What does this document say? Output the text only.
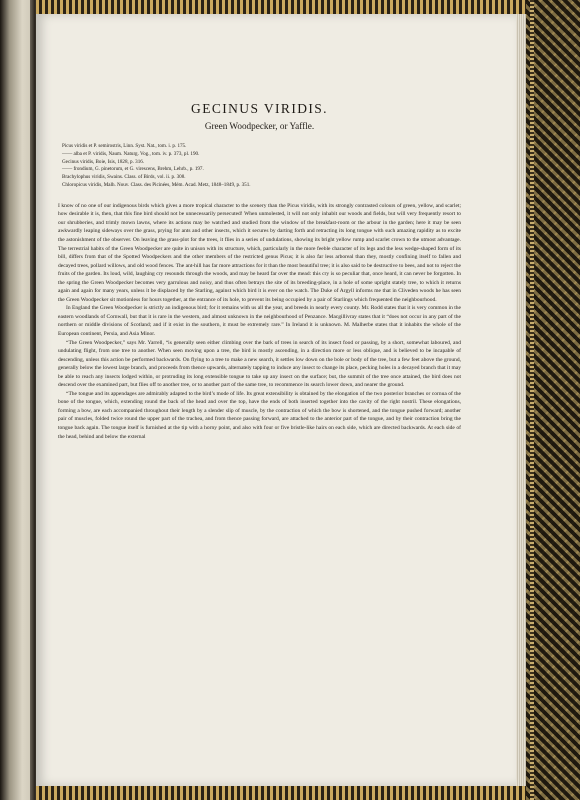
GECINUS VIRIDIS.
Green Woodpecker, or Yaffle.
Picus viridis et P. semirostris, Linn. Syst. Nat., tom. i. p. 175.
—— alba et P. viridis, Naum. Naturg. Vog., tom. iv. p. 373, pl. 190.
Gecinus viridis, Boie, Isis, 1828, p. 316.
—— frondium, G. pinetorum, et G. virescens, Brehm, Lehrb., p. 197.
Brachylophus viridis, Swains. Class. of Birds, vol. ii. p. 308.
Chloropicus viridis, Malh. Nouv. Class. des Picinées, Mém. Acad. Metz, 1848–1849, p. 351.

I know of no one of our indigenous birds which gives a more tropical character to the scenery than the Picus viridis, with its strongly contrasted colours of green, yellow, and scarlet; how desirable it is, then, that this fine bird should not be unnecessarily persecuted! When unmolested, it will not only inhabit our woods and fields, but will very frequently resort to our shrubberies, and trimly mown lawns, where its actions may be watched and studied from the window of the breakfast-room or the arbour in the garden; here it may be seen awkwardly leaping sideways over the grass, prying for ants and other insects, which it secures by darting forth and retracting its long tongue with such amazing rapidity as to excite the astonishment of the observer. On leaving the grass-plot for the trees, it flies in a series of undulations, showing its bright yellow rump and scarlet crown to the utmost advantage. The terrestrial habits of the Green Woodpecker are quite in unison with its structure, which, particularly in the more feeble character of its legs and the less wedge-shaped form of its bill, differs from that of the Spotted Woodpeckers and the other members of the restricted genus Picus; it is also far less arboreal than they, mostly confining itself to fallen and decayed trees, pollard willows, and old wood fences. The ant-hill has far more attractions for it than the most beautiful tree; it is also said to be destructive to bees, and not to reject the fruits of the garden. Its loud, wild, laughing cry resounds through the woods, and may be heard far over the mead: this cry is so peculiar that, once heard, it can never be forgotten. In the spring the Green Woodpecker becomes very garrulous and noisy, and thus often betrays the site of its breeding-place, in a hole of some upright stately tree, to which it returns again and again for many years, unless it be displaced by the Starling, against which bird it is ever on the watch. The Duke of Argyll informs me that in Cliveden woods he has seen the Green Woodpecker sit motionless for hours together, at the entrance of its hole, to prevent its being occupied by a pair of Starlings which frequented the neighbourhood.

In England the Green Woodpecker is strictly an indigenous bird; for it remains with us all the year, and breeds in nearly every county. Mr. Rodd states that it is very common in the eastern woodlands of Cornwall, but that it is rare in the western, and almost unknown in the neighbourhood of Penzance. Macgillivray states that it “does not occur in any part of the northern or middle divisions of Scotland; and if it exist in the southern, it must be extremely rare.” In Ireland it is unknown. M. Malherbe states that it inhabits the whole of the European continent, Persia, and Asia Minor.

“The Green Woodpecker,” says Mr. Yarrell, “is generally seen either climbing over the bark of trees in search of its insect food or passing, by a short, somewhat laboured, and undulating flight, from one tree to another. When seen moving upon a tree, the bird is mostly ascending, in a direction more or less oblique, and is believed to be incapable of descending, unless this action be performed backwards. On flying to a tree to make a new search, it settles low down on the bole or body of the tree, but a few feet above the ground, generally below the lowest large branch, and proceeds from thence upwards, alternately tapping to induce any insect to change its place, pecking holes in a decayed branch that it may be able to reach any insects lodged within, or protruding its long extensible tongue to take up any insect on the surface; but, the summit of the tree once attained, the bird does not descend over the examined part, but flies off to another tree, or to another part of the same tree, to recommence its search lower down, and nearer the ground.

“The tongue and its appendages are admirably adapted to the bird’s mode of life. Its great extensibility is obtained by the elongation of the two posterior branches or cornua of the bone of the tongue, which, extending round the back of the head and over the top, have the ends of both inserted together into the cavity of the right nostril. These elongations, forming a bow, are each accompanied throughout their length by a slender slip of muscle, by the contraction of which the bow is shortened, and the tongue pushed forward; another pair of muscles, folded twice round the upper part of the trachea, and from thence passing forward, are attached to the anterior part of the tongue, and by their contraction bring the tongue back again. The tongue itself is furnished at the tip with a horny point, and also with four or five bristle-like hairs on each side, which are directed backwards. At each side of the head, behind and below the external
